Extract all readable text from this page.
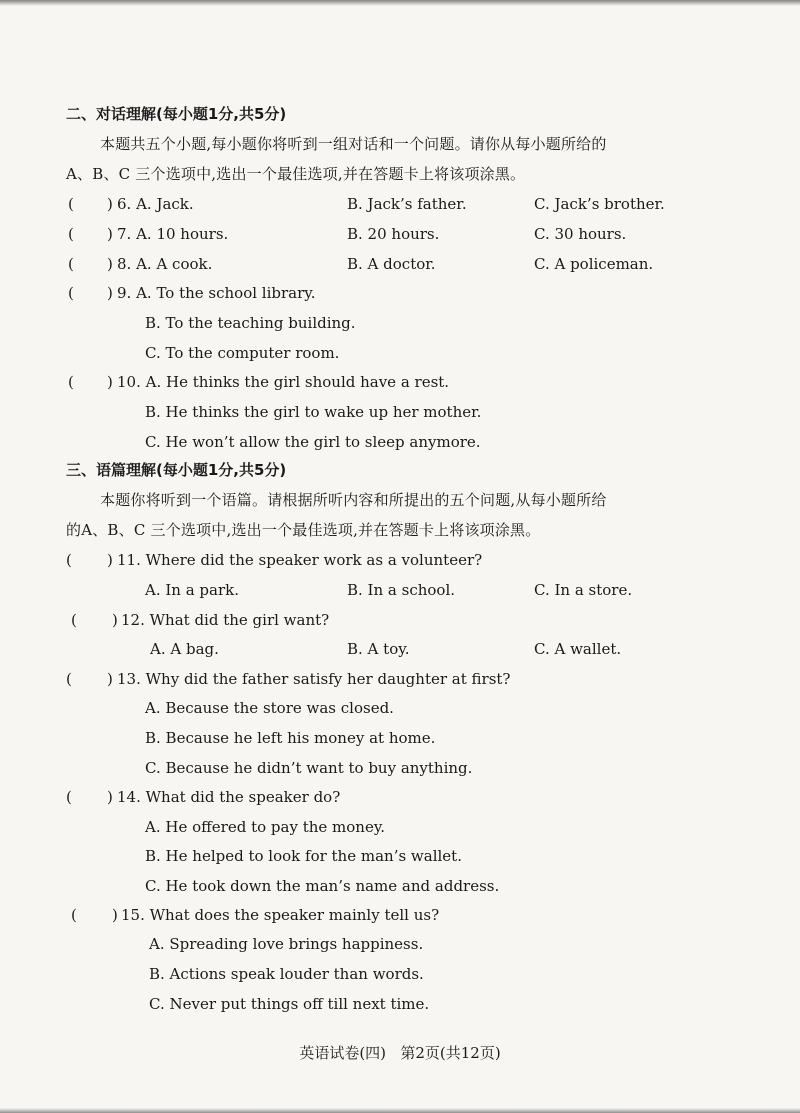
二、对话理解(每小题1分,共5分)
本题共五个小题,每小题你将听到一组对话和一个问题。请你从每小题所给的
A、B、C 三个选项中,选出一个最佳选项,并在答题卡上将该项涂黑。
( ) 6. A. Jack.	B. Jack’s father.	C. Jack’s brother.
( ) 7. A. 10 hours.	B. 20 hours.	C. 30 hours.
( ) 8. A. A cook.	B. A doctor.	C. A policeman.
( ) 9. A. To the school library.
B. To the teaching building.
C. To the computer room.
( ) 10. A. He thinks the girl should have a rest.
B. He thinks the girl to wake up her mother.
C. He won’t allow the girl to sleep anymore.
三、语篇理解(每小题1分,共5分)
本题你将听到一个语篇。请根据所听内容和所提出的五个问题,从每小题所给
的A、B、C 三个选项中,选出一个最佳选项,并在答题卡上将该项涂黑。
( ) 11. Where did the speaker work as a volunteer?
A. In a park.	B. In a school.	C. In a store.
( ) 12. What did the girl want?
A. A bag.	B. A toy.	C. A wallet.
( ) 13. Why did the father satisfy her daughter at first?
A. Because the store was closed.
B. Because he left his money at home.
C. Because he didn’t want to buy anything.
( ) 14. What did the speaker do?
A. He offered to pay the money.
B. He helped to look for the man’s wallet.
C. He took down the man’s name and address.
( ) 15. What does the speaker mainly tell us?
A. Spreading love brings happiness.
B. Actions speak louder than words.
C. Never put things off till next time.
英语试卷(四)   第2页(共12页)
